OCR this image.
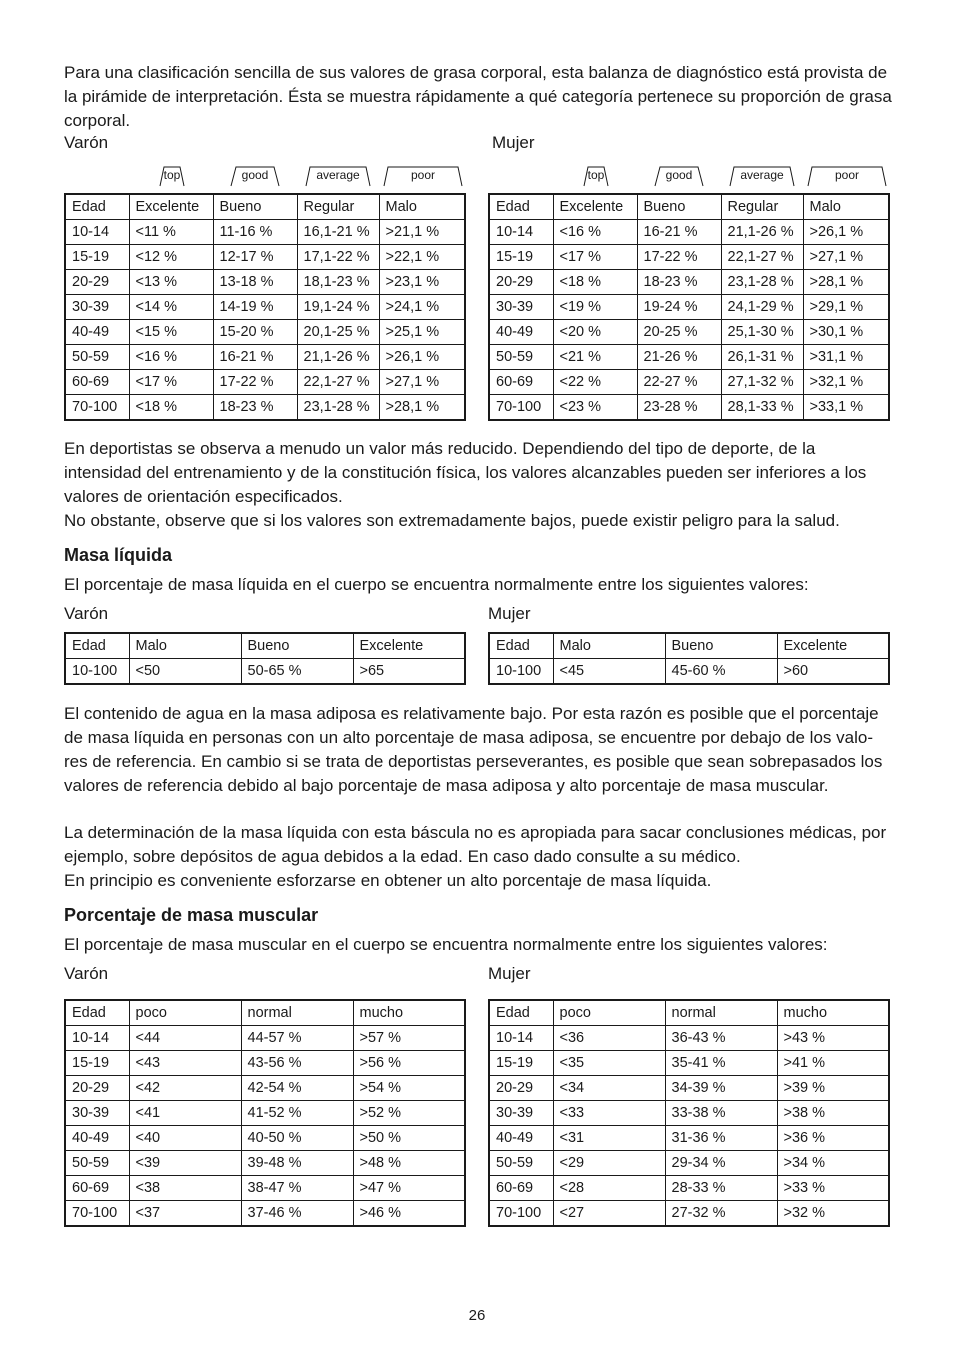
Para una clasificación sencilla de sus valores de grasa corporal, esta balanza de diagnóstico está provista de la pirámide de interpretación. Ésta se muestra rápidamente a qué categoría pertenece su proporción de grasa corporal.

Varón	Mujer
top	good	average	poor	top	good	average	poor
Edad	Excelente	Bueno	Regular	Malo
10-14	<11 %	11-16 %	16,1-21 %	>21,1 %
15-19	<12 %	12-17 %	17,1-22 %	>22,1 %
20-29	<13 %	13-18 %	18,1-23 %	>23,1 %
30-39	<14 %	14-19 %	19,1-24 %	>24,1 %
40-49	<15 %	15-20 %	20,1-25 %	>25,1 %
50-59	<16 %	16-21 %	21,1-26 %	>26,1 %
60-69	<17 %	17-22 %	22,1-27 %	>27,1 %
70-100	<18 %	18-23 %	23,1-28 %	>28,1 %
Edad	Excelente	Bueno	Regular	Malo
10-14	<16 %	16-21 %	21,1-26 %	>26,1 %
15-19	<17 %	17-22 %	22,1-27 %	>27,1 %
20-29	<18 %	18-23 %	23,1-28 %	>28,1 %
30-39	<19 %	19-24 %	24,1-29 %	>29,1 %
40-49	<20 %	20-25 %	25,1-30 %	>30,1 %
50-59	<21 %	21-26 %	26,1-31 %	>31,1 %
60-69	<22 %	22-27 %	27,1-32 %	>32,1 %
70-100	<23 %	23-28 %	28,1-33 %	>33,1 %

En deportistas se observa a menudo un valor más reducido. Dependiendo del tipo de deporte, de la intensidad del entrenamiento y de la constitución física, los valores alcanzables pueden ser inferiores a los valores de orientación especificados.

No obstante, observe que si los valores son extremadamente bajos, puede existir peligro para la salud.

Masa líquida

El porcentaje de masa líquida en el cuerpo se encuentra normalmente entre los siguientes valores:

Varón	Mujer
Edad	Malo	Bueno	Excelente
10-100	<50	50-65 %	>65
Edad	Malo	Bueno	Excelente
10-100	<45	45-60 %	>60

El contenido de agua en la masa adiposa es relativamente bajo. Por esta razón es posible que el porcentaje de masa líquida en personas con un alto porcentaje de masa adiposa, se encuentre por debajo de los valo-res de referencia. En cambio si se trata de deportistas perseverantes, es posible que sean sobrepasados los valores de referencia debido al bajo porcentaje de masa adiposa y alto porcentaje de masa muscular.

La determinación de la masa líquida con esta báscula no es apropiada para sacar conclusiones médicas, por ejemplo, sobre depósitos de agua debidos a la edad. En caso dado consulte a su médico.

En principio es conveniente esforzarse en obtener un alto porcentaje de masa líquida.

Porcentaje de masa muscular

El porcentaje de masa muscular en el cuerpo se encuentra normalmente entre los siguientes valores:

Varón	Mujer
Edad	poco	normal	mucho
10-14	<44	44-57 %	>57 %
15-19	<43	43-56 %	>56 %
20-29	<42	42-54 %	>54 %
30-39	<41	41-52 %	>52 %
40-49	<40	40-50 %	>50 %
50-59	<39	39-48 %	>48 %
60-69	<38	38-47 %	>47 %
70-100	<37	37-46 %	>46 %
Edad	poco	normal	mucho
10-14	<36	36-43 %	>43 %
15-19	<35	35-41 %	>41 %
20-29	<34	34-39 %	>39 %
30-39	<33	33-38 %	>38 %
40-49	<31	31-36 %	>36 %
50-59	<29	29-34 %	>34 %
60-69	<28	28-33 %	>33 %
70-100	<27	27-32 %	>32 %
26
